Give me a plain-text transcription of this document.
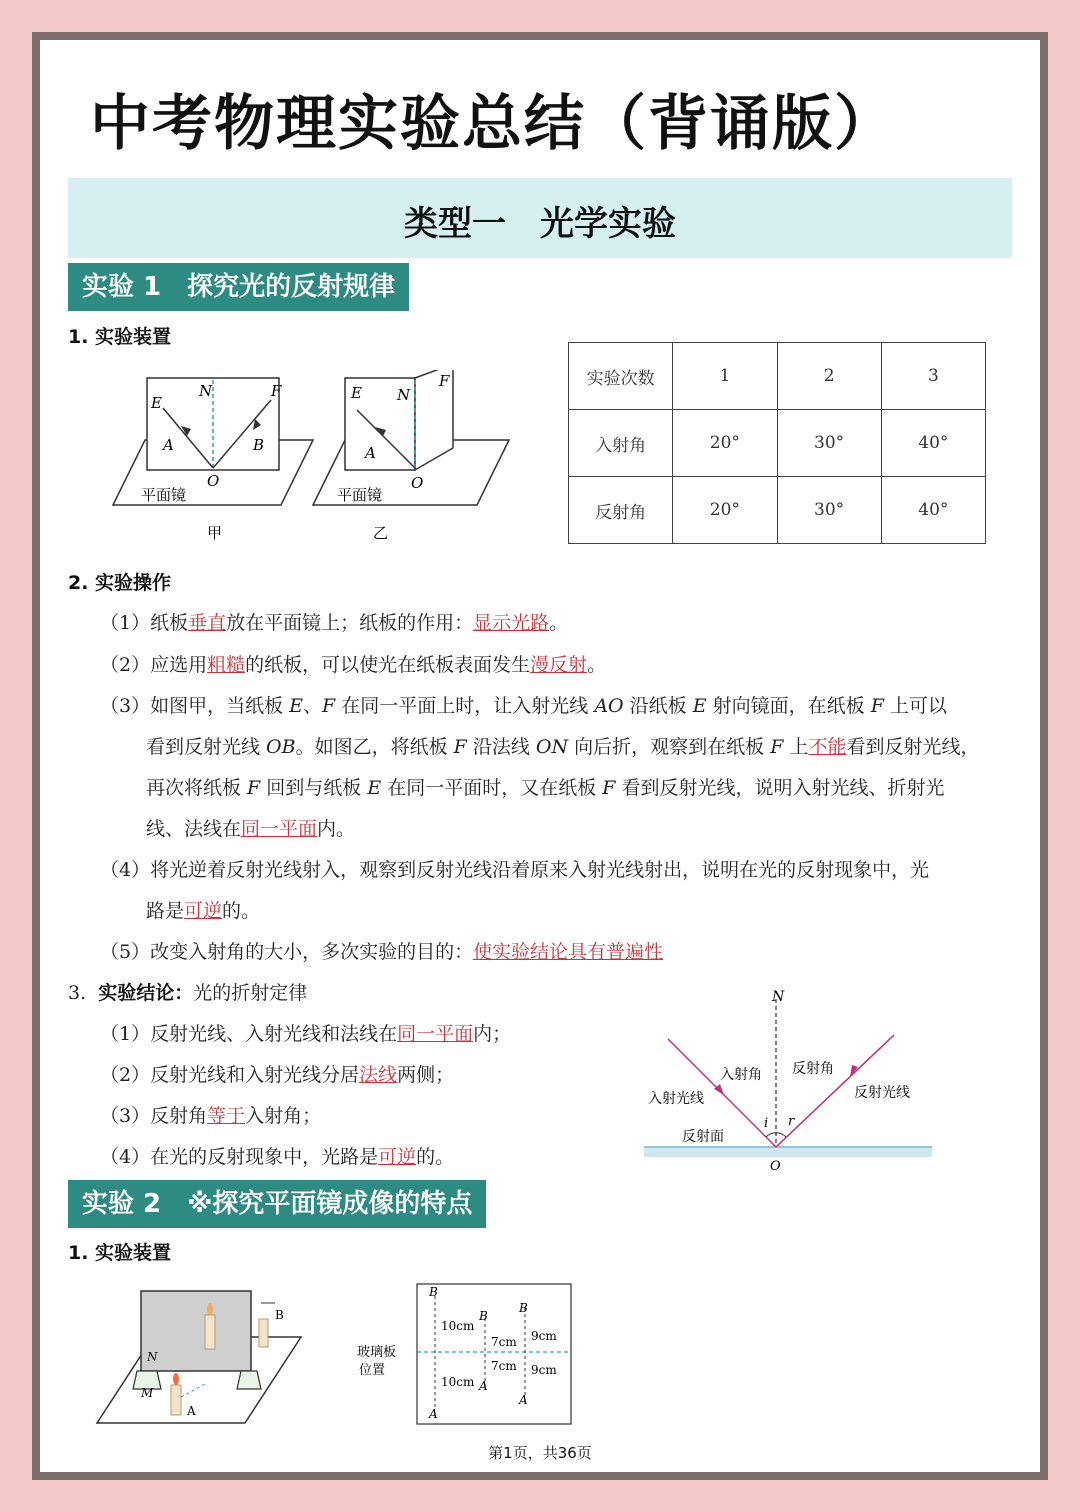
中考物理实验总结（背诵版）
类型一　光学实验
实验 1　探究光的反射规律
1. 实验装置
E
N	F
A	B
O
平面镜
甲
E N
F
A
O
平面镜
乙
实验次数	1	2	3
入射角	20°	30°	40°
反射角	20°	30°	40°
2. 实验操作
（1）纸板垂直放在平面镜上；纸板的作用：显示光路。
（2）应选用粗糙的纸板，可以使光在纸板表面发生漫反射。
（3）如图甲，当纸板 E、F 在同一平面上时，让入射光线 AO 沿纸板 E 射向镜面，在纸板 F 上可以
看到反射光线 OB。如图乙，将纸板 F 沿法线 ON 向后折，观察到在纸板 F 上不能看到反射光线，
再次将纸板 F 回到与纸板 E 在同一平面时，又在纸板 F 看到反射光线，说明入射光线、折射光
线、法线在同一平面内。
（4）将光逆着反射光线射入，观察到反射光线沿着原来入射光线射出，说明在光的反射现象中，光
路是可逆的。
（5）改变入射角的大小，多次实验的目的：使实验结论具有普遍性
3. 实验结论：光的折射定律
（1）反射光线、入射光线和法线在同一平面内；
（2）反射光线和入射光线分居法线两侧；
（3）反射角等于入射角；
（4）在光的反射现象中，光路是可逆的。
N
入射角 反射角
入射光线	反射光线
反射面
i r
O
实验 2　※探究平面镜成像的特点
1. 实验装置
B
N
M
A
玻璃板
位置
B
B
B
A
A
A
10cm
7cm 9cm
7cm 9cm
10cm
第1页，共36页
